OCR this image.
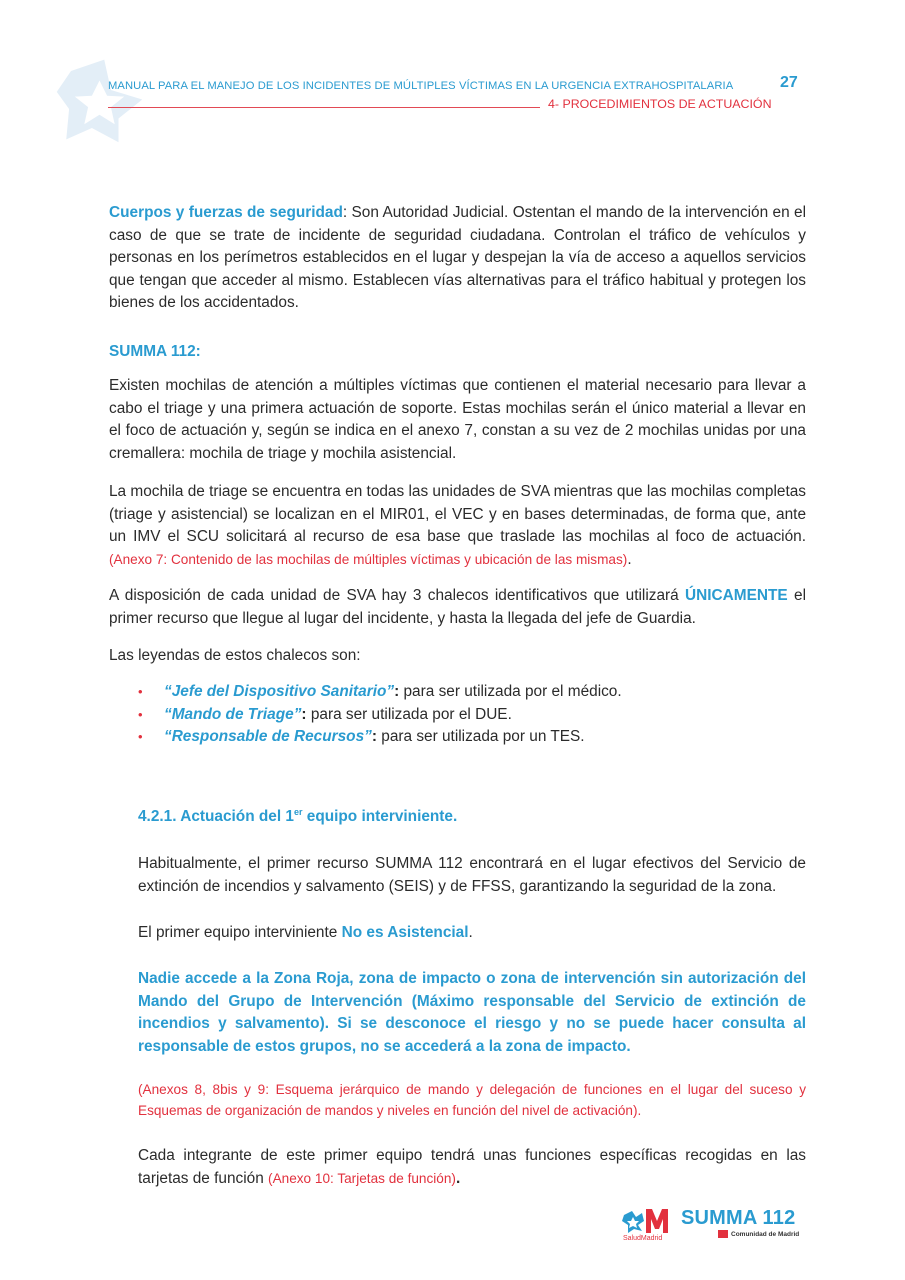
MANUAL PARA EL MANEJO DE LOS INCIDENTES DE MÚLTIPLES VÍCTIMAS EN LA URGENCIA EXTRAHOSPITALARIA	27
4- PROCEDIMIENTOS DE ACTUACIÓN

Cuerpos y fuerzas de seguridad: Son Autoridad Judicial. Ostentan el mando de la intervención en el caso de que se trate de incidente de seguridad ciudadana. Controlan el tráfico de vehículos y personas en los perímetros establecidos en el lugar y despejan la vía de acceso a aquellos servicios que tengan que acceder al mismo. Establecen vías alternativas para el tráfico habitual y protegen los bienes de los accidentados.

SUMMA 112:

Existen mochilas de atención a múltiples víctimas que contienen el material necesario para llevar a cabo el triage y una primera actuación de soporte. Estas mochilas serán el único material a llevar en el foco de actuación y, según se indica en el anexo 7, constan a su vez de 2 mochilas unidas por una cremallera: mochila de triage y mochila asistencial.

La mochila de triage se encuentra en todas las unidades de SVA mientras que las mochilas completas (triage y asistencial) se localizan en el MIR01, el VEC y en bases determinadas, de forma que, ante un IMV el SCU solicitará al recurso de esa base que traslade las mochilas al foco de actuación. (Anexo 7: Contenido de las mochilas de múltiples víctimas y ubicación de las mismas).

A disposición de cada unidad de SVA hay 3 chalecos identificativos que utilizará ÚNICAMENTE el primer recurso que llegue al lugar del incidente, y hasta la llegada del jefe de Guardia.

Las leyendas de estos chalecos son:

• “Jefe del Dispositivo Sanitario”: para ser utilizada por el médico.
• “Mando de Triage”: para ser utilizada por el DUE.
• “Responsable de Recursos”: para ser utilizada por un TES.
4.2.1. Actuación del 1er equipo interviniente.

Habitualmente, el primer recurso SUMMA 112 encontrará en el lugar efectivos del Servicio de extinción de incendios y salvamento (SEIS) y de FFSS, garantizando la seguridad de la zona.

El primer equipo interviniente No es Asistencial.

Nadie accede a la Zona Roja, zona de impacto o zona de intervención sin autorización del Mando del Grupo de Intervención (Máximo responsable del Servicio de extinción de incendios y salvamento). Si se desconoce el riesgo y no se puede hacer consulta al responsable de estos grupos, no se accederá a la zona de impacto.

(Anexos 8, 8bis y 9: Esquema jerárquico de mando y delegación de funciones en el lugar del suceso y Esquemas de organización de mandos y niveles en función del nivel de activación).

Cada integrante de este primer equipo tendrá unas funciones específicas recogidas en las tarjetas de función (Anexo 10: Tarjetas de función).

SaludMadrid
SUMMA 112
Comunidad de Madrid
